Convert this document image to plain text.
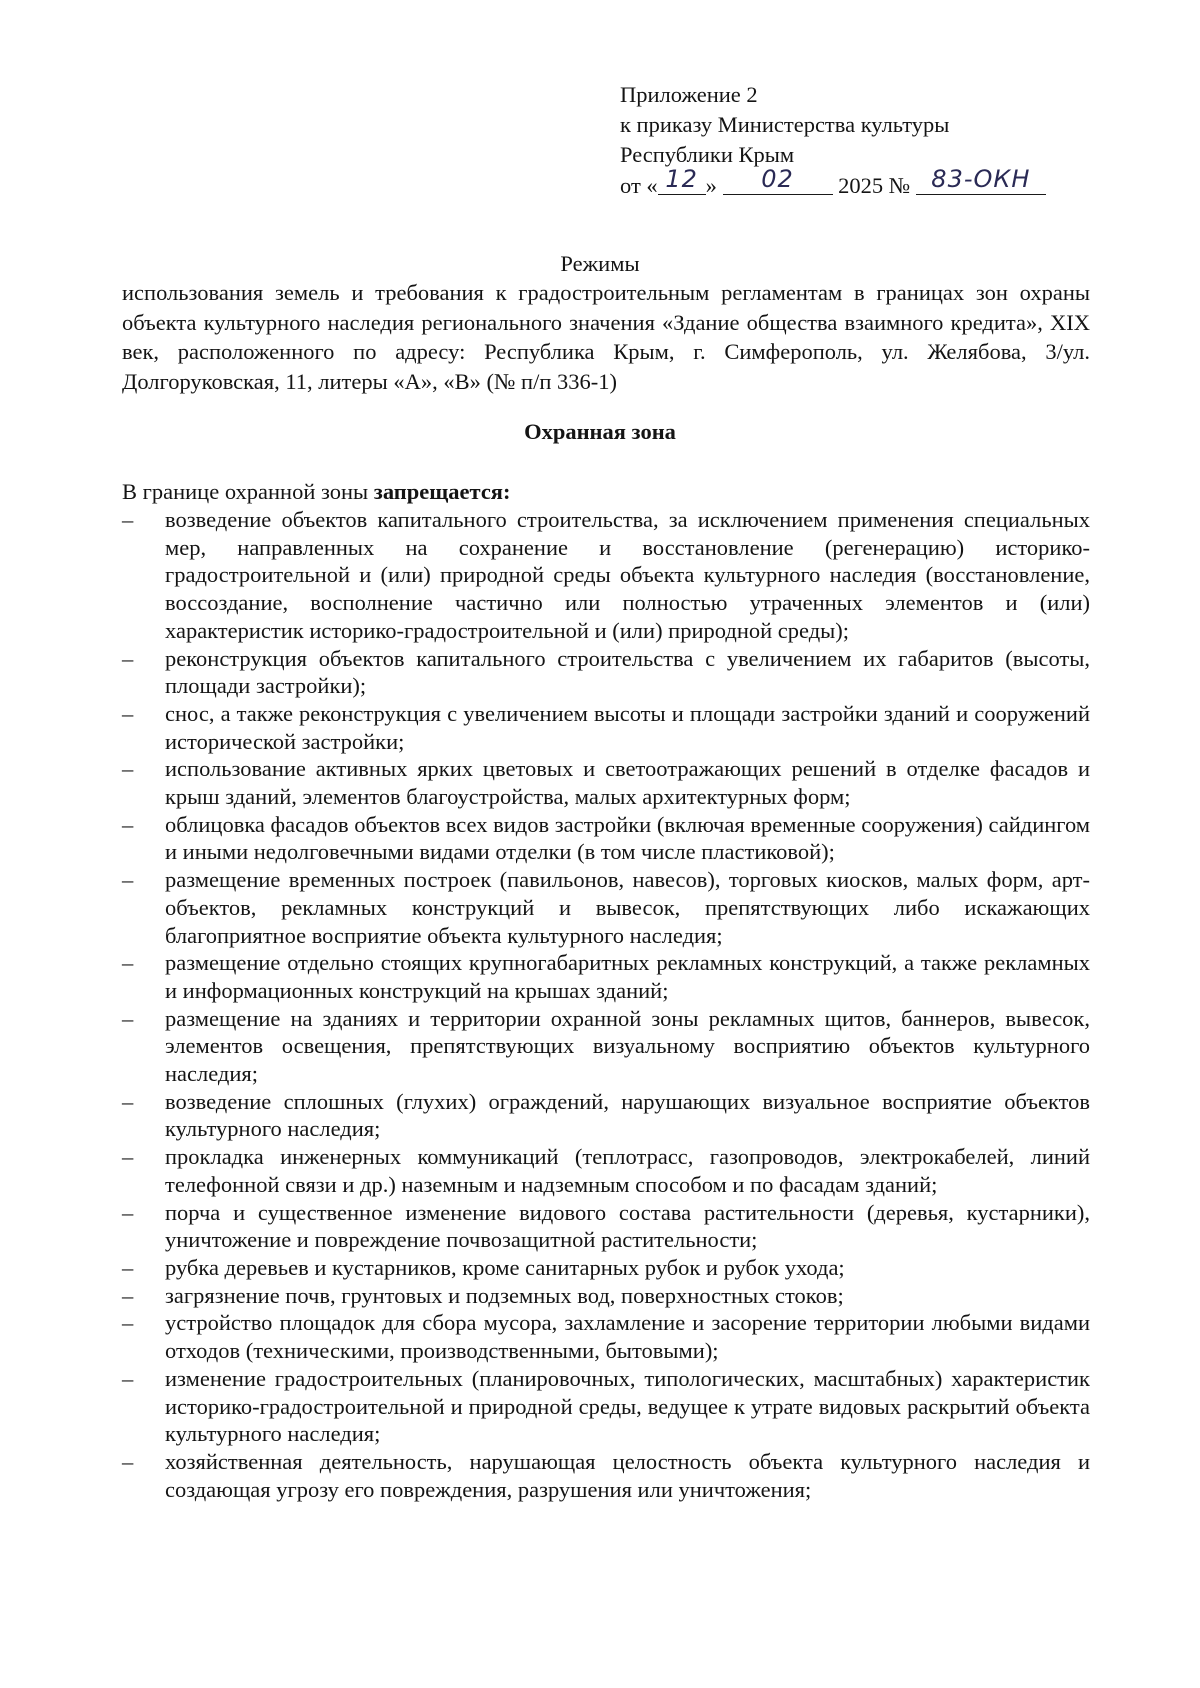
Приложение 2
к приказу Министерства культуры
Республики Крым
от « 12 » 02 2025 № 83-ОКН
Режимы
использования земель и требования к градостроительным регламентам в границах зон охраны объекта культурного наследия регионального значения «Здание общества взаимного кредита», XIX век, расположенного по адресу: Республика Крым, г. Симферополь, ул. Желябова, 3/ул. Долгоруковская, 11, литеры «А», «В» (№ п/п 336-1)
Охранная зона
В границе охранной зоны запрещается:
–	возведение объектов капитального строительства, за исключением применения специальных мер, направленных на сохранение и восстановление (регенерацию) историко-градостроительной и (или) природной среды объекта культурного наследия (восстановление, воссоздание, восполнение частично или полностью утраченных элементов и (или) характеристик историко-градостроительной и (или) природной среды);
–	реконструкция объектов капитального строительства с увеличением их габаритов (высоты, площади застройки);
–	снос, а также реконструкция с увеличением высоты и площади застройки зданий и сооружений исторической застройки;
–	использование активных ярких цветовых и светоотражающих решений в отделке фасадов и крыш зданий, элементов благоустройства, малых архитектурных форм;
–	облицовка фасадов объектов всех видов застройки (включая временные сооружения) сайдингом и иными недолговечными видами отделки (в том числе пластиковой);
–	размещение временных построек (павильонов, навесов), торговых киосков, малых форм, арт-объектов, рекламных конструкций и вывесок, препятствующих либо искажающих благоприятное восприятие объекта культурного наследия;
–	размещение отдельно стоящих крупногабаритных рекламных конструкций, а также рекламных и информационных конструкций на крышах зданий;
–	размещение на зданиях и территории охранной зоны рекламных щитов, баннеров, вывесок, элементов освещения, препятствующих визуальному восприятию объектов культурного наследия;
–	возведение сплошных (глухих) ограждений, нарушающих визуальное восприятие объектов культурного наследия;
–	прокладка инженерных коммуникаций (теплотрасс, газопроводов, электрокабелей, линий телефонной связи и др.) наземным и надземным способом и по фасадам зданий;
–	порча и существенное изменение видового состава растительности (деревья, кустарники), уничтожение и повреждение почвозащитной растительности;
–	рубка деревьев и кустарников, кроме санитарных рубок и рубок ухода;
–	загрязнение почв, грунтовых и подземных вод, поверхностных стоков;
–	устройство площадок для сбора мусора, захламление и засорение территории любыми видами отходов (техническими, производственными, бытовыми);
–	изменение градостроительных (планировочных, типологических, масштабных) характеристик историко-градостроительной и природной среды, ведущее к утрате видовых раскрытий объекта культурного наследия;
–	хозяйственная деятельность, нарушающая целостность объекта культурного наследия и создающая угрозу его повреждения, разрушения или уничтожения;
